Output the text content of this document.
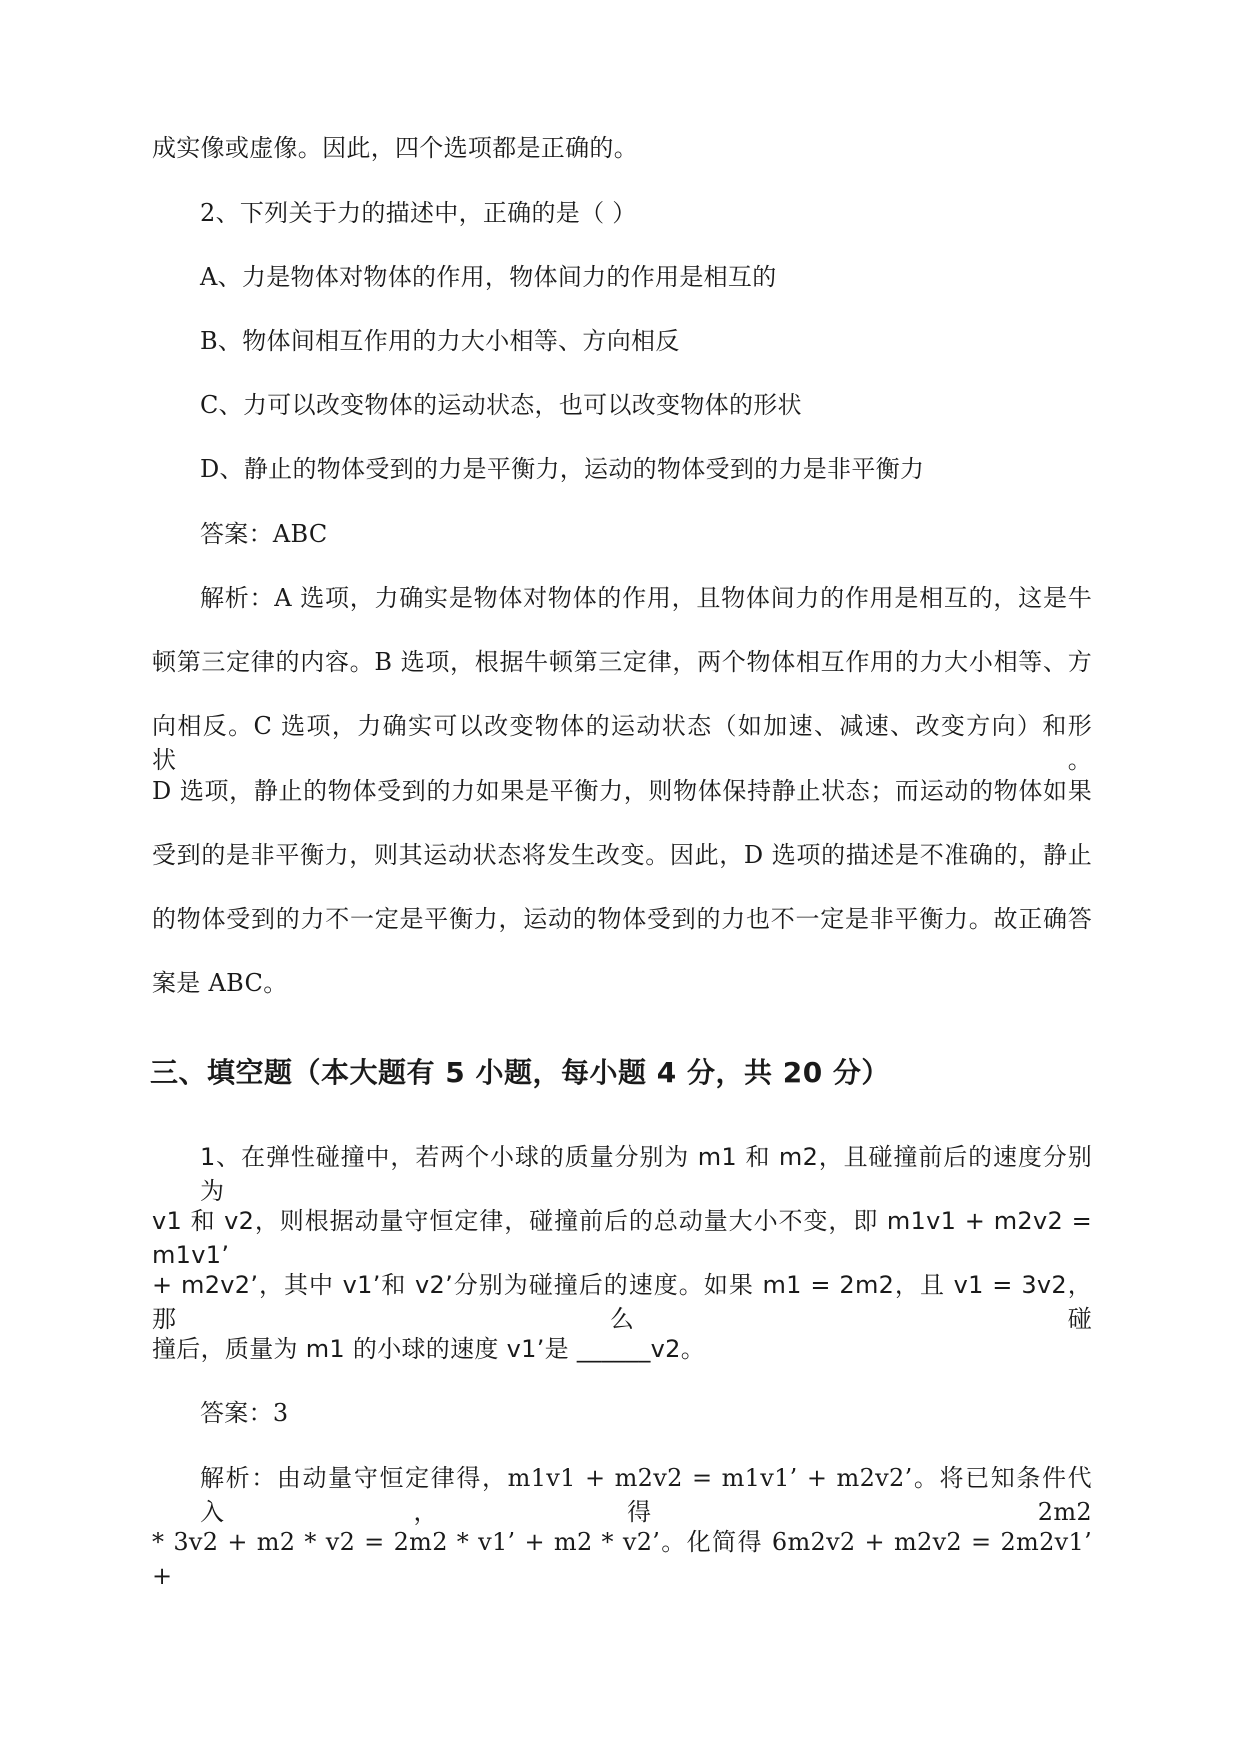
成实像或虚像。因此，四个选项都是正确的。
2、下列关于力的描述中，正确的是（ ）
A、力是物体对物体的作用，物体间力的作用是相互的
B、物体间相互作用的力大小相等、方向相反
C、力可以改变物体的运动状态，也可以改变物体的形状
D、静止的物体受到的力是平衡力，运动的物体受到的力是非平衡力
答案：ABC
解析：A 选项，力确实是物体对物体的作用，且物体间力的作用是相互的，这是牛
顿第三定律的内容。B 选项，根据牛顿第三定律，两个物体相互作用的力大小相等、方
向相反。C 选项，力确实可以改变物体的运动状态（如加速、减速、改变方向）和形状。
D 选项，静止的物体受到的力如果是平衡力，则物体保持静止状态；而运动的物体如果
受到的是非平衡力，则其运动状态将发生改变。因此，D 选项的描述是不准确的，静止
的物体受到的力不一定是平衡力，运动的物体受到的力也不一定是非平衡力。故正确答
案是 ABC。
三、填空题（本大题有 5 小题，每小题 4 分，共 20 分）
1、在弹性碰撞中，若两个小球的质量分别为 m1 和 m2，且碰撞前后的速度分别为
v1 和 v2，则根据动量守恒定律，碰撞前后的总动量大小不变，即 m1v1 + m2v2 = m1v1’
+ m2v2’，其中 v1’和 v2’分别为碰撞后的速度。如果 m1 = 2m2，且 v1 = 3v2，那么碰
撞后，质量为 m1 的小球的速度 v1’是 ______v2。
答案：3
解析：由动量守恒定律得，m1v1 + m2v2 = m1v1’ + m2v2’。将已知条件代入，得 2m2
* 3v2 + m2 * v2 = 2m2 * v1’ + m2 * v2’。化简得 6m2v2 + m2v2 = 2m2v1’ +
